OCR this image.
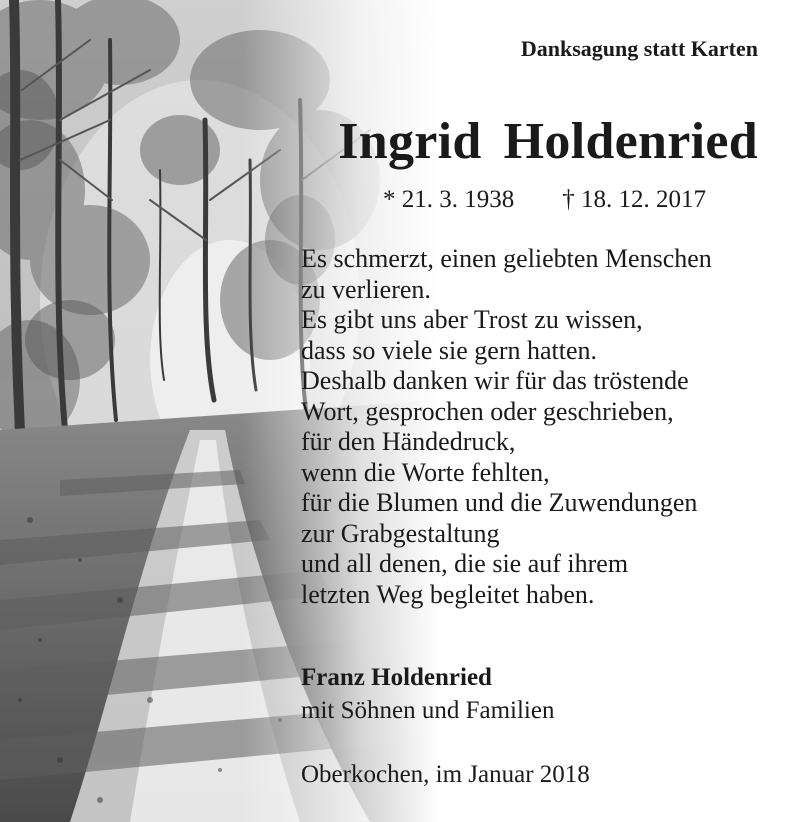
Danksagung statt Karten
Ingrid Holdenried
* 21. 3. 1938 † 18. 12. 2017
Es schmerzt, einen geliebten Menschen
zu verlieren.
Es gibt uns aber Trost zu wissen,
dass so viele sie gern hatten.
Deshalb danken wir für das tröstende
Wort, gesprochen oder geschrieben,
für den Händedruck,
wenn die Worte fehlten,
für die Blumen und die Zuwendungen
zur Grabgestaltung
und all denen, die sie auf ihrem
letzten Weg begleitet haben.
Franz Holdenried
mit Söhnen und Familien
Oberkochen, im Januar 2018
